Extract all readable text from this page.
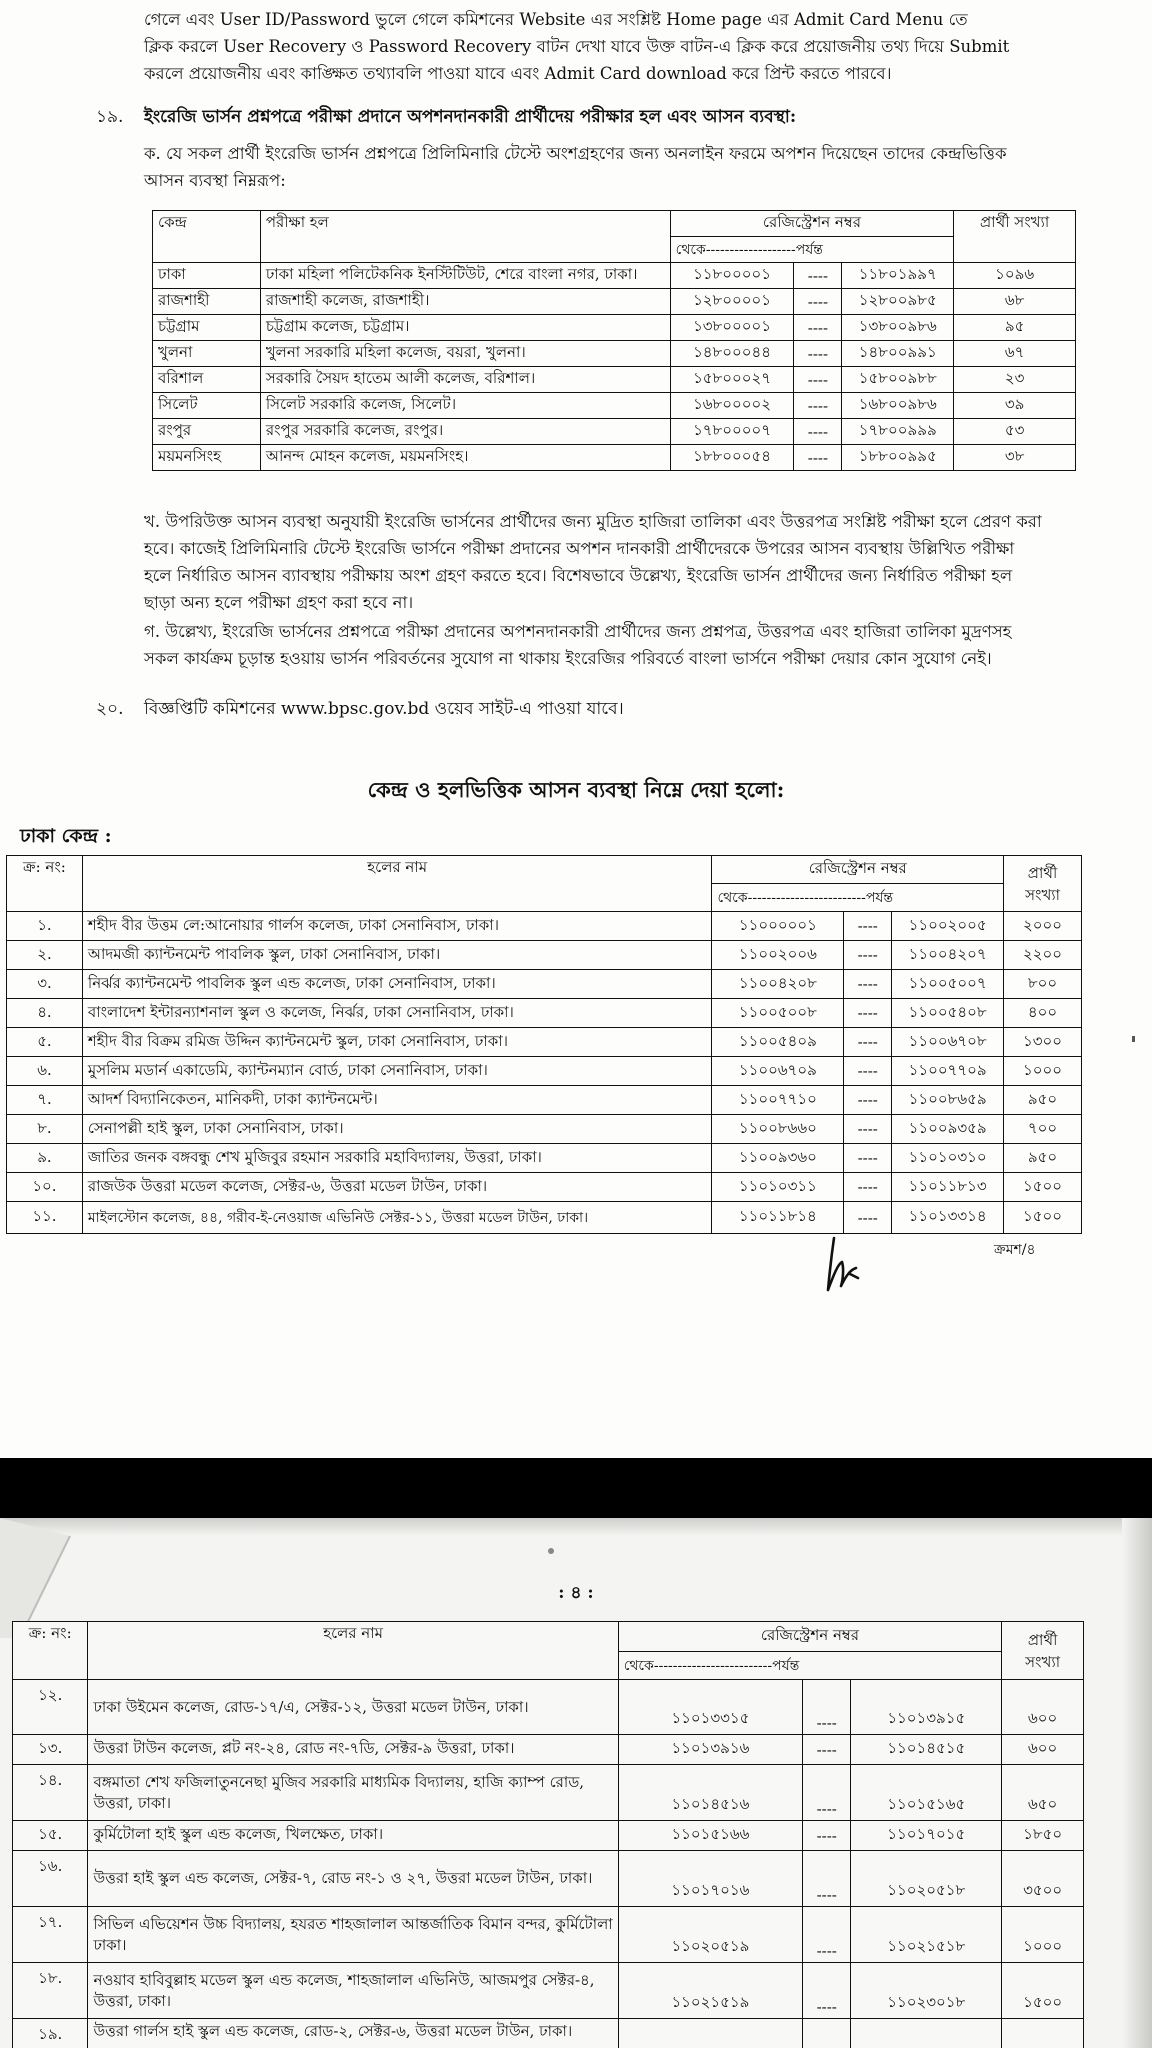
গেলে এবং User ID/Password ভুলে গেলে কমিশনের Website এর সংশ্লিষ্ট Home page এর Admit Card Menu তে
ক্লিক করলে User Recovery ও Password Recovery বাটন দেখা যাবে উক্ত বাটন-এ ক্লিক করে প্রয়োজনীয় তথ্য দিয়ে Submit
করলে প্রয়োজনীয় এবং কাঙ্ক্ষিত তথ্যাবলি পাওয়া যাবে এবং Admit Card download করে প্রিন্ট করতে পারবে।
১৯. ইংরেজি ভার্সন প্রশ্নপত্রে পরীক্ষা প্রদানে অপশনদানকারী প্রার্থীদেয় পরীক্ষার হল এবং আসন ব্যবস্থা:
ক. যে সকল প্রার্থী ইংরেজি ভার্সন প্রশ্নপত্রে প্রিলিমিনারি টেস্টে অংশগ্রহণের জন্য অনলাইন ফরমে অপশন দিয়েছেন তাদের কেন্দ্রভিত্তিক
আসন ব্যবস্থা নিম্নরূপ:
কেন্দ্র	পরীক্ষা হল	রেজিস্ট্রেশন নম্বর			প্রার্থী সংখ্যা
		থেকে-------------------পর্যন্ত			
ঢাকা	ঢাকা মহিলা পলিটেকনিক ইনস্টিটিউট, শেরে বাংলা নগর, ঢাকা।	১১৮০০০০১	----	১১৮০১৯৯৭	১০৯৬
রাজশাহী	রাজশাহী কলেজ, রাজশাহী।	১২৮০০০০১	----	১২৮০০৯৮৫	৬৮
চট্টগ্রাম	চট্টগ্রাম কলেজ, চট্টগ্রাম।	১৩৮০০০০১	----	১৩৮০০৯৮৬	৯৫
খুলনা	খুলনা সরকারি মহিলা কলেজ, বয়রা, খুলনা।	১৪৮০০০৪৪	----	১৪৮০০৯৯১	৬৭
বরিশাল	সরকারি সৈয়দ হাতেম আলী কলেজ, বরিশাল।	১৫৮০০০২৭	----	১৫৮০০৯৮৮	২৩
সিলেট	সিলেট সরকারি কলেজ, সিলেট।	১৬৮০০০০২	----	১৬৮০০৯৮৬	৩৯
রংপুর	রংপুর সরকারি কলেজ, রংপুর।	১৭৮০০০০৭	----	১৭৮০০৯৯৯	৫৩
ময়মনসিংহ	আনন্দ মোহন কলেজ, ময়মনসিংহ।	১৮৮০০০৫৪	----	১৮৮০০৯৯৫	৩৮
খ. উপরিউক্ত আসন ব্যবস্থা অনুযায়ী ইংরেজি ভার্সনের প্রার্থীদের জন্য মুদ্রিত হাজিরা তালিকা এবং উত্তরপত্র সংশ্লিষ্ট পরীক্ষা হলে প্রেরণ করা
হবে। কাজেই প্রিলিমিনারি টেস্টে ইংরেজি ভার্সনে পরীক্ষা প্রদানের অপশন দানকারী প্রার্থীদেরকে উপরের আসন ব্যবস্থায় উল্লিখিত পরীক্ষা
হলে নির্ধারিত আসন ব্যাবস্থায় পরীক্ষায় অংশ গ্রহণ করতে হবে। বিশেষভাবে উল্লেখ্য, ইংরেজি ভার্সন প্রার্থীদের জন্য নির্ধারিত পরীক্ষা হল
ছাড়া অন্য হলে পরীক্ষা গ্রহণ করা হবে না।
গ. উল্লেখ্য, ইংরেজি ভার্সনের প্রশ্নপত্রে পরীক্ষা প্রদানের অপশনদানকারী প্রার্থীদের জন্য প্রশ্নপত্র, উত্তরপত্র এবং হাজিরা তালিকা মুদ্রণসহ
সকল কার্যক্রম চূড়ান্ত হওয়ায় ভার্সন পরিবর্তনের সুযোগ না থাকায় ইংরেজির পরিবর্তে বাংলা ভার্সনে পরীক্ষা দেয়ার কোন সুযোগ নেই।
২০. বিজ্ঞপ্তিটি কমিশনের www.bpsc.gov.bd ওয়েব সাইট-এ পাওয়া যাবে।
কেন্দ্র ও হলভিত্তিক আসন ব্যবস্থা নিম্নে দেয়া হলো:
ঢাকা কেন্দ্র :
ক্র: নং:	হলের নাম	রেজিস্ট্রেশন নম্বর			প্রার্থী
সংখ্যা

		থেকে-------------------------পর্যন্ত			
১.	শহীদ বীর উত্তম লে:আনোয়ার গার্লস কলেজ, ঢাকা সেনানিবাস, ঢাকা।	১১০০০০০১	----	১১০০২০০৫	২০০০
২.	আদমজী ক্যান্টনমেন্ট পাবলিক স্কুল, ঢাকা সেনানিবাস, ঢাকা।	১১০০২০০৬	----	১১০০৪২০৭	২২০০
৩.	নির্ঝর ক্যান্টনমেন্ট পাবলিক স্কুল এন্ড কলেজ, ঢাকা সেনানিবাস, ঢাকা।	১১০০৪২০৮	----	১১০০৫০০৭	৮০০
৪.	বাংলাদেশ ইন্টারন্যাশনাল স্কুল ও কলেজ, নির্ঝর, ঢাকা সেনানিবাস, ঢাকা।	১১০০৫০০৮	----	১১০০৫৪০৮	৪০০
৫.	শহীদ বীর বিক্রম রমিজ উদ্দিন ক্যান্টনমেন্ট স্কুল, ঢাকা সেনানিবাস, ঢাকা।	১১০০৫৪০৯	----	১১০০৬৭০৮	১৩০০
৬.	মুসলিম মডার্ন একাডেমি, ক্যান্টনম্যান বোর্ড, ঢাকা সেনানিবাস, ঢাকা।	১১০০৬৭০৯	----	১১০০৭৭০৯	১০০০
৭.	আদর্শ বিদ্যানিকেতন, মানিকদী, ঢাকা ক্যান্টনমেন্ট।	১১০০৭৭১০	----	১১০০৮৬৫৯	৯৫০
৮.	সেনাপল্লী হাই স্কুল, ঢাকা সেনানিবাস, ঢাকা।	১১০০৮৬৬০	----	১১০০৯৩৫৯	৭০০
৯.	জাতির জনক বঙ্গবন্ধু শেখ মুজিবুর রহমান সরকারি মহাবিদ্যালয়, উত্তরা, ঢাকা।	১১০০৯৩৬০	----	১১০১০৩১০	৯৫০
১০.	রাজউক উত্তরা মডেল কলেজ, সেক্টর-৬, উত্তরা মডেল টাউন, ঢাকা।	১১০১০৩১১	----	১১০১১৮১৩	১৫০০
১১.	মাইলস্টোন কলেজ, ৪৪, গরীব-ই-নেওয়াজ এভিনিউ সেক্টর-১১, উত্তরা মডেল টাউন, ঢাকা।	১১০১১৮১৪	----	১১০১৩৩১৪	১৫০০
ক্রমশ/৪
: ৪ :
ক্র: নং:	হলের নাম	রেজিস্ট্রেশন নম্বর			প্রার্থী
সংখ্যা

		থেকে-------------------------পর্যন্ত			
১২.	ঢাকা উইমেন কলেজ, রোড-১৭/এ, সেক্টর-১২, উত্তরা মডেল টাউন, ঢাকা।	১১০১৩৩১৫	----	১১০১৩৯১৫	৬০০
১৩.	উত্তরা টাউন কলেজ, প্লট নং-২৪, রোড নং-৭ডি, সেক্টর-৯ উত্তরা, ঢাকা।	১১০১৩৯১৬	----	১১০১৪৫১৫	৬০০
১৪.	বঙ্গমাতা শেখ ফজিলাতুননেছা মুজিব সরকারি মাধ্যমিক বিদ্যালয়, হাজি ক্যাম্প রোড, উত্তরা, ঢাকা।	১১০১৪৫১৬	----	১১০১৫১৬৫	৬৫০
১৫.	কুর্মিটোলা হাই স্কুল এন্ড কলেজ, খিলক্ষেত, ঢাকা।	১১০১৫১৬৬	----	১১০১৭০১৫	১৮৫০
১৬.	উত্তরা হাই স্কুল এন্ড কলেজ, সেক্টর-৭, রোড নং-১ ও ২৭, উত্তরা মডেল টাউন, ঢাকা।	১১০১৭০১৬	----	১১০২০৫১৮	৩৫০০
১৭.	সিভিল এভিয়েশন উচ্চ বিদ্যালয়, হযরত শাহজালাল আন্তর্জাতিক বিমান বন্দর, কুর্মিটোলা ঢাকা।	১১০২০৫১৯	----	১১০২১৫১৮	১০০০
১৮.	নওয়াব হাবিবুল্লাহ মডেল স্কুল এন্ড কলেজ, শাহজালাল এভিনিউ, আজমপুর সেক্টর-৪, উত্তরা, ঢাকা।	১১০২১৫১৯	----	১১০২৩০১৮	১৫০০
১৯.	উত্তরা গার্লস হাই স্কুল এন্ড কলেজ, রোড-২, সেক্টর-৬, উত্তরা মডেল টাউন, ঢাকা।				
